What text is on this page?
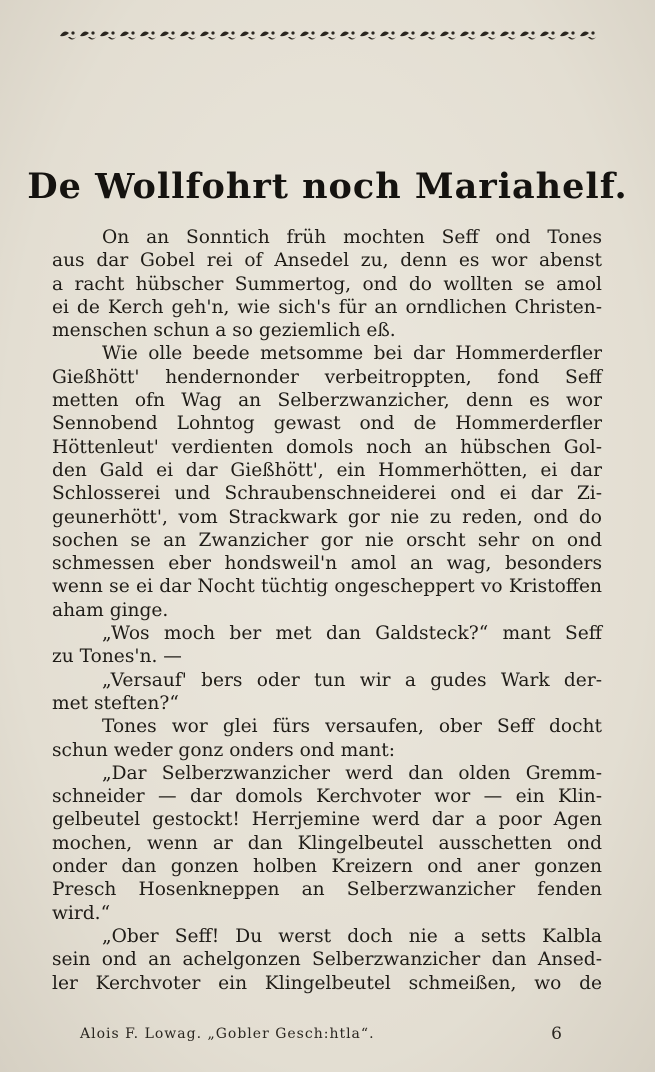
De Wollfohrt noch Mariahelf.

On an Sonntich früh mochten Seff ond Tones
aus dar Gobel rei of Ansedel zu, denn es wor abenst
a racht hübscher Summertog, ond do wollten se amol
ei de Kerch geh'n, wie sich's für an orndlichen Christen-
menschen schun a so geziemlich eß.

Wie olle beede metsomme bei dar Hommerderfler
Gießhött' hendernonder verbeitroppten, fond Seff
metten ofn Wag an Selberzwanzicher, denn es wor
Sennobend Lohntog gewast ond de Hommerderfler
Höttenleut' verdienten domols noch an hübschen Gol-
den Gald ei dar Gießhött', ein Hommerhötten, ei dar
Schlosserei und Schraubenschneiderei ond ei dar Zi-
geunerhött', vom Strackwark gor nie zu reden, ond do
sochen se an Zwanzicher gor nie orscht sehr on ond
schmessen eber hondsweil'n amol an wag, besonders
wenn se ei dar Nocht tüchtig ongescheppert vo Kristoffen
aham ginge.

„Wos moch ber met dan Galdsteck?“ mant Seff
zu Tones'n. —

„Versauf' bers oder tun wir a gudes Wark der-
met steften?“

Tones wor glei fürs versaufen, ober Seff docht
schun weder gonz onders ond mant:

„Dar Selberzwanzicher werd dan olden Gremm-
schneider — dar domols Kerchvoter wor — ein Klin-
gelbeutel gestockt! Herrjemine werd dar a poor Agen
mochen, wenn ar dan Klingelbeutel ausschetten ond
onder dan gonzen holben Kreizern ond aner gonzen
Presch Hosenkneppen an Selberzwanzicher fenden
wird.“

„Ober Seff! Du werst doch nie a setts Kalbla
sein ond an achelgonzen Selberzwanzicher dan Ansed-
ler Kerchvoter ein Klingelbeutel schmeißen, wo de

Alois F. Lowag. „Gobler Gesch:htla“.	6
